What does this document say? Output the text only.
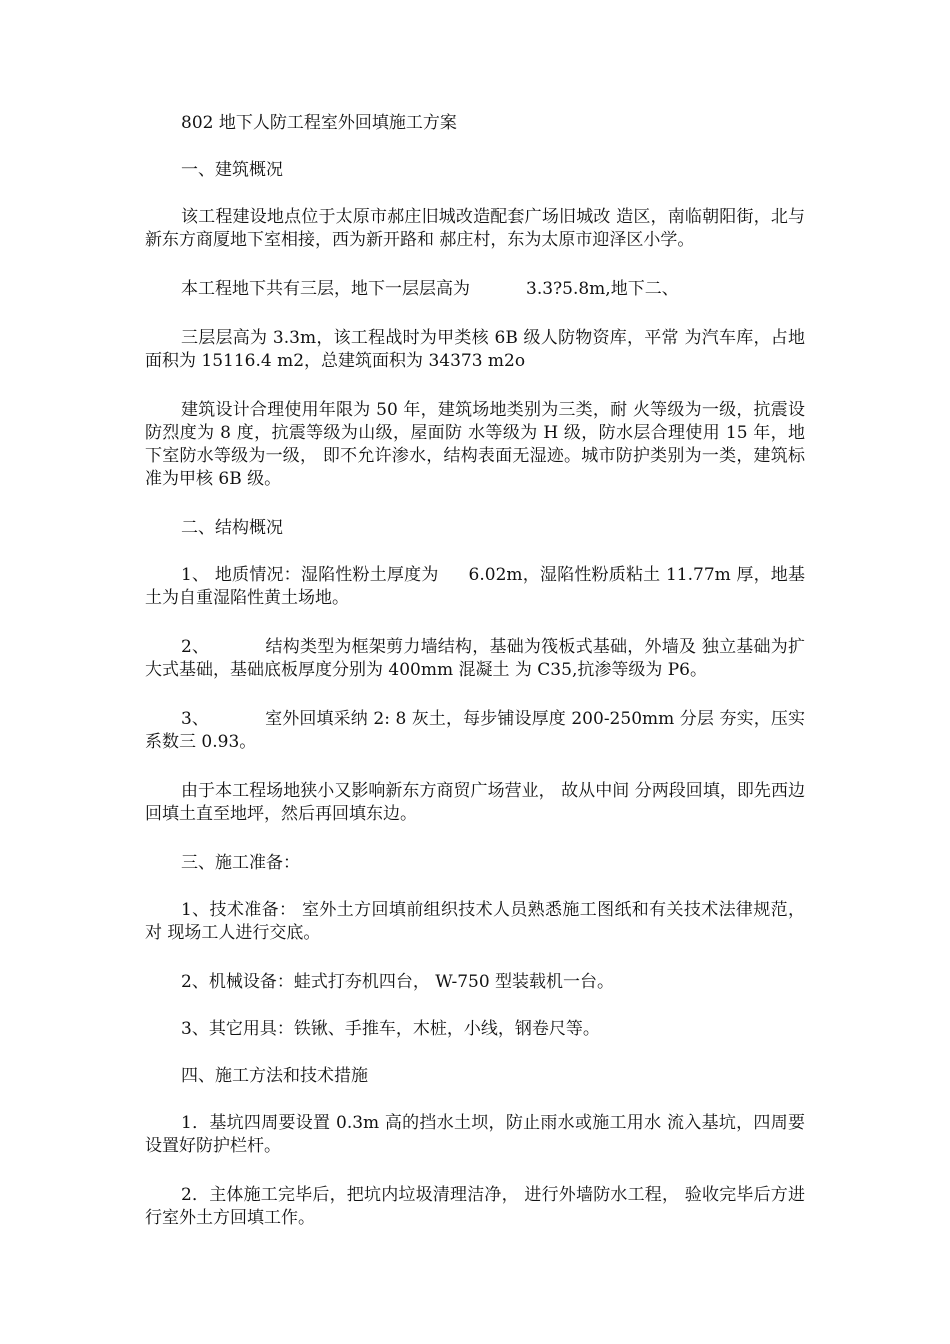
802 地下人防工程室外回填施工方案

一、建筑概况

该工程建设地点位于太原市郝庄旧城改造配套广场旧城改 造区，南临朝阳街，北与新东方商厦地下室相接，西为新开路和 郝庄村，东为太原市迎泽区小学。

本工程地下共有三层，地下一层层高为	3.3?5.8m,地下二、

三层层高为 3.3m，该工程战时为甲类核 6B 级人防物资库，平常 为汽车库，占地面积为 15116.4 m2，总建筑面积为 34373 m2o

建筑设计合理使用年限为 50 年，建筑场地类别为三类，耐 火等级为一级，抗震设防烈度为 8 度，抗震等级为山级，屋面防 水等级为 H 级，防水层合理使用 15 年，地下室防水等级为一级， 即不允许渗水，结构表面无湿迹。城市防护类别为一类，建筑标 准为甲核 6B 级。

二、结构概况

1、 地质情况：湿陷性粉土厚度为 6.02m，湿陷性粉质粘土 11.77m 厚，地基土为自重湿陷性黄土场地。

2、	结构类型为框架剪力墙结构，基础为筏板式基础，外墙及 独立基础为扩大式基础，基础底板厚度分别为 400mm 混凝土 为 C35,抗渗等级为 P6。

3、	室外回填采纳 2: 8 灰土，每步铺设厚度 200-250mm 分层 夯实，压实系数三 0.93。

由于本工程场地狭小又影响新东方商贸广场营业， 故从中间 分两段回填，即先西边回填土直至地坪，然后再回填东边。

三、施工准备：

1、技术准备： 室外土方回填前组织技术人员熟悉施工图纸和有关技术法律规范， 对 现场工人进行交底。

2、机械设备：蛙式打夯机四台， W-750 型装载机一台。

3、其它用具：铁锹、手推车，木桩，小线，钢卷尺等。

四、施工方法和技术措施

1．基坑四周要设置 0.3m 高的挡水土坝，防止雨水或施工用水 流入基坑，四周要设置好防护栏杆。

2．主体施工完毕后，把坑内垃圾清理洁净， 进行外墙防水工程， 验收完毕后方进行室外土方回填工作。
